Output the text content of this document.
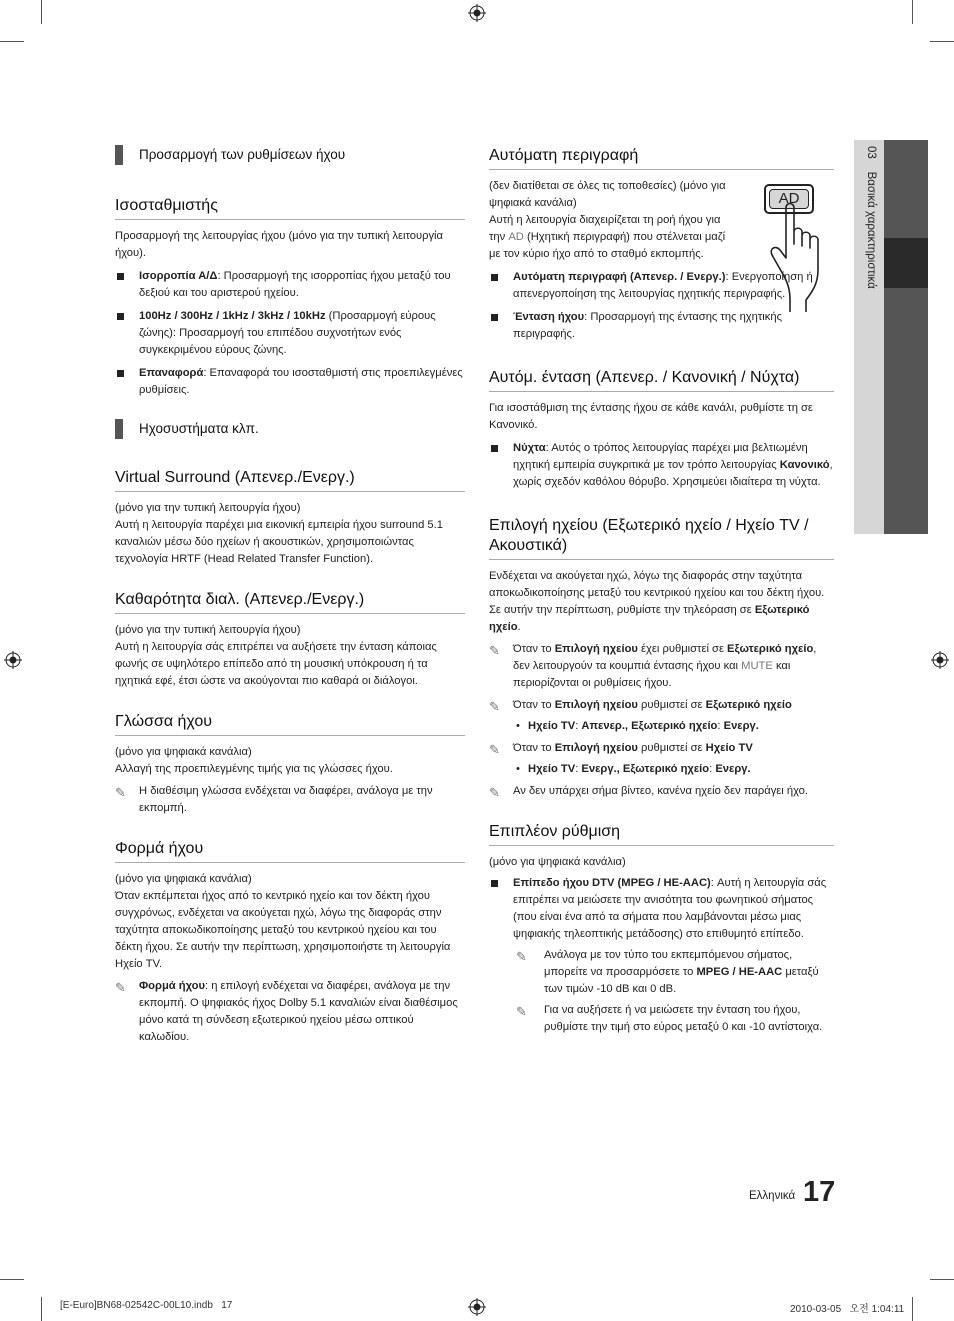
03    Βασικά χαρακτηριστικά
Προσαρμογή των ρυθμίσεων ήχου
Ισοσταθμιστής

Προσαρμογή της λειτουργίας ήχου (μόνο για την τυπική λειτουργία ήχου).

Ισορροπία Α/Δ: Προσαρμογή της ισορροπίας ήχου μεταξύ του δεξιού και του αριστερού ηχείου.

100Hz / 300Hz / 1kHz / 3kHz / 10kHz (Προσαρμογή εύρους ζώνης): Προσαρμογή του επιπέδου συχνοτήτων ενός συγκεκριμένου εύρους ζώνης.

Επαναφορά: Επαναφορά του ισοσταθμιστή στις προεπιλεγμένες ρυθμίσεις.

Ηχοσυστήματα κλπ.
Virtual Surround (Απενερ./Ενεργ.)

(μόνο για την τυπική λειτουργία ήχου)

Αυτή η λειτουργία παρέχει μια εικονική εμπειρία ήχου surround 5.1 καναλιών μέσω δύο ηχείων ή ακουστικών, χρησιμοποιώντας τεχνολογία HRTF (Head Related Transfer Function).

Καθαρότητα διαλ. (Απενερ./Ενεργ.)

(μόνο για την τυπική λειτουργία ήχου)

Αυτή η λειτουργία σάς επιτρέπει να αυξήσετε την ένταση κάποιας φωνής σε υψηλότερο επίπεδο από τη μουσική υπόκρουση ή τα ηχητικά εφέ, έτσι ώστε να ακούγονται πιο καθαρά οι διάλογοι.

Γλώσσα ήχου

(μόνο για ψηφιακά κανάλια)

Αλλαγή της προεπιλεγμένης τιμής για τις γλώσσες ήχου.

✎ Η διαθέσιμη γλώσσα ενδέχεται να διαφέρει, ανάλογα με την εκπομπή.

Φορμά ήχου

(μόνο για ψηφιακά κανάλια)

Όταν εκπέμπεται ήχος από το κεντρικό ηχείο και τον δέκτη ήχου συγχρόνως, ενδέχεται να ακούγεται ηχώ, λόγω της διαφοράς στην ταχύτητα αποκωδικοποίησης μεταξύ του κεντρικού ηχείου και του δέκτη ήχου. Σε αυτήν την περίπτωση, χρησιμοποιήστε τη λειτουργία Ηχείο TV.

✎ Φορμά ήχου: η επιλογή ενδέχεται να διαφέρει, ανάλογα με την εκπομπή. Ο ψηφιακός ήχος Dolby 5.1 καναλιών είναι διαθέσιμος μόνο κατά τη σύνδεση εξωτερικού ηχείου μέσω οπτικού καλωδίου.

Αυτόματη περιγραφή

(δεν διατίθεται σε όλες τις τοποθεσίες) (μόνο για ψηφιακά κανάλια)

Αυτή η λειτουργία διαχειρίζεται τη ροή ήχου για την AD (Ηχητική περιγραφή) που στέλνεται μαζί με τον κύριο ήχο από το σταθμό εκπομπής.

AD

Αυτόματη περιγραφή (Απενερ. / Ενεργ.): Ενεργοποίηση ή απενεργοποίηση της λειτουργίας ηχητικής περιγραφής.

Ένταση ήχου: Προσαρμογή της έντασης της ηχητικής περιγραφής.

Αυτόμ. ένταση (Απενερ. / Κανονική / Νύχτα)

Για ισοστάθμιση της έντασης ήχου σε κάθε κανάλι, ρυθμίστε τη σε Κανονικό.

Νύχτα: Αυτός ο τρόπος λειτουργίας παρέχει μια βελτιωμένη ηχητική εμπειρία συγκριτικά με τον τρόπο λειτουργίας Κανονικό, χωρίς σχεδόν καθόλου θόρυβο. Χρησιμεύει ιδιαίτερα τη νύχτα.

Επιλογή ηχείου (Εξωτερικό ηχείο / Ηχείο TV / Ακουστικά)

Ενδέχεται να ακούγεται ηχώ, λόγω της διαφοράς στην ταχύτητα αποκωδικοποίησης μεταξύ του κεντρικού ηχείου και του δέκτη ήχου. Σε αυτήν την περίπτωση, ρυθμίστε την τηλεόραση σε Εξωτερικό ηχείο.

✎ Όταν το Επιλογή ηχείου έχει ρυθμιστεί σε Εξωτερικό ηχείο, δεν λειτουργούν τα κουμπιά έντασης ήχου και MUTE και περιορίζονται οι ρυθμίσεις ήχου.

✎ Όταν το Επιλογή ηχείου ρυθμιστεί σε Εξωτερικό ηχείο

• Ηχείο TV: Απενερ., Εξωτερικό ηχείο: Ενεργ.

✎ Όταν το Επιλογή ηχείου ρυθμιστεί σε Ηχείο TV

• Ηχείο TV: Ενεργ., Εξωτερικό ηχείο: Ενεργ.

✎ Αν δεν υπάρχει σήμα βίντεο, κανένα ηχείο δεν παράγει ήχο.

Επιπλέον ρύθμιση

(μόνο για ψηφιακά κανάλια)

Επίπεδο ήχου DTV (MPEG / HE-AAC): Αυτή η λειτουργία σάς επιτρέπει να μειώσετε την ανισότητα του φωνητικού σήματος (που είναι ένα από τα σήματα που λαμβάνονται μέσω μιας ψηφιακής τηλεοπτικής μετάδοσης) στο επιθυμητό επίπεδο.

✎ Ανάλογα με τον τύπο του εκπεμπόμενου σήματος, μπορείτε να προσαρμόσετε το MPEG / HE-AAC μεταξύ των τιμών -10 dB και 0 dB.

✎ Για να αυξήσετε ή να μειώσετε την ένταση του ήχου, ρυθμίστε την τιμή στο εύρος μεταξύ 0 και -10 αντίστοιχα.

Ελληνικά 17
[E-Euro]BN68-02542C-00L10.indb   17	2010-03-05   오전 1:04:11
